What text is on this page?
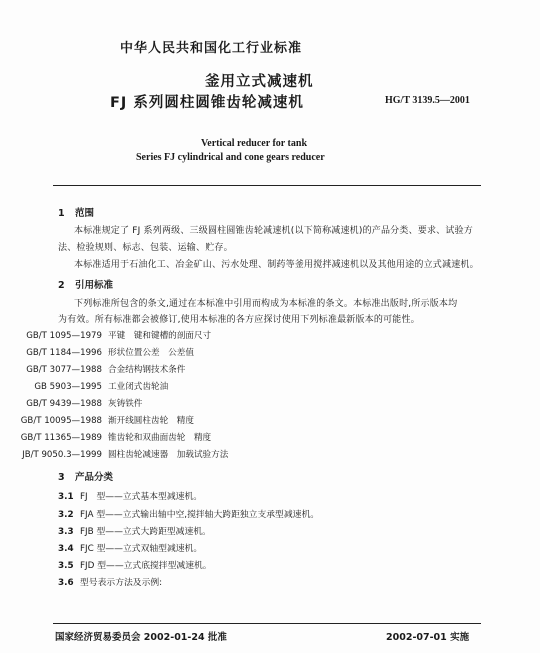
中华人民共和国化工行业标准
釜用立式减速机
FJ 系列圆柱圆锥齿轮减速机	HG/T 3139.5—2001
Vertical reducer for tank
Series FJ cylindrical and cone gears reducer
1 范围
本标准规定了 FJ 系列两级、三级圆柱圆锥齿轮减速机(以下简称减速机)的产品分类、要求、试验方
法、检验规则、标志、包装、运输、贮存。
本标准适用于石油化工、冶金矿山、污水处理、制药等釜用搅拌减速机以及其他用途的立式减速机。
2 引用标准
下列标准所包含的条文,通过在本标准中引用而构成为本标准的条文。本标准出版时,所示版本均
为有效。所有标准都会被修订,使用本标准的各方应探讨使用下列标准最新版本的可能性。
GB/T 1095—1979 平键　键和键槽的剖面尺寸
GB/T 1184—1996 形状位置公差　公差值
GB/T 3077—1988 合金结构钢技术条件
GB 5903—1995 工业闭式齿轮油
GB/T 9439—1988 灰铸铁件
GB/T 10095—1988 渐开线圆柱齿轮　精度
GB/T 11365—1989 锥齿轮和双曲面齿轮　精度
JB/T 9050.3—1999 圆柱齿轮减速器　加载试验方法
3 产品分类
3.1 FJ　型——立式基本型减速机。
3.2 FJA 型——立式输出轴中空,搅拌轴大跨距独立支承型减速机。
3.3 FJB 型——立式大跨距型减速机。
3.4 FJC 型——立式双轴型减速机。
3.5 FJD 型——立式底搅拌型减速机。
3.6 型号表示方法及示例:
国家经济贸易委员会 2002-01-24 批准	2002-07-01 实施
